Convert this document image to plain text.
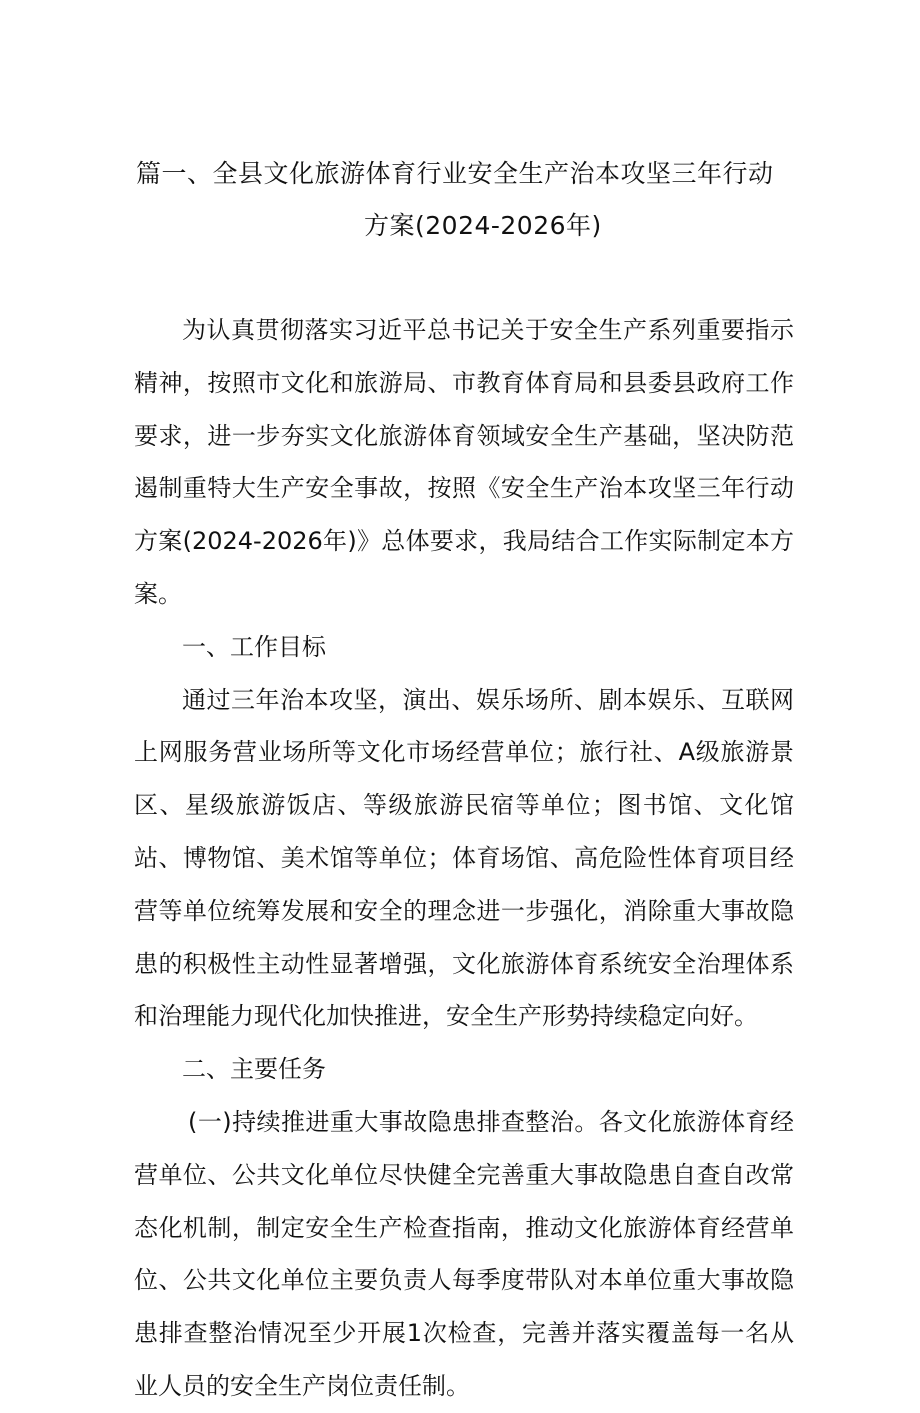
篇一、全县文化旅游体育行业安全生产治本攻坚三年行动
方案(2024-2026年)

为认真贯彻落实习近平总书记关于安全生产系列重要指示精神，按照市文化和旅游局、市教育体育局和县委县政府工作要求，进一步夯实文化旅游体育领域安全生产基础，坚决防范遏制重特大生产安全事故，按照《安全生产治本攻坚三年行动方案(2024-2026年)》总体要求，我局结合工作实际制定本方案。

一、工作目标

通过三年治本攻坚，演出、娱乐场所、剧本娱乐、互联网上网服务营业场所等文化市场经营单位；旅行社、A级旅游景区、星级旅游饭店、等级旅游民宿等单位；图书馆、文化馆站、博物馆、美术馆等单位；体育场馆、高危险性体育项目经营等单位统筹发展和安全的理念进一步强化，消除重大事故隐患的积极性主动性显著增强，文化旅游体育系统安全治理体系和治理能力现代化加快推进，安全生产形势持续稳定向好。

二、主要任务

(一)持续推进重大事故隐患排查整治。各文化旅游体育经营单位、公共文化单位尽快健全完善重大事故隐患自查自改常态化机制，制定安全生产检查指南，推动文化旅游体育经营单位、公共文化单位主要负责人每季度带队对本单位重大事故隐患排查整治情况至少开展1次检查，完善并落实覆盖每一名从业人员的安全生产岗位责任制。
